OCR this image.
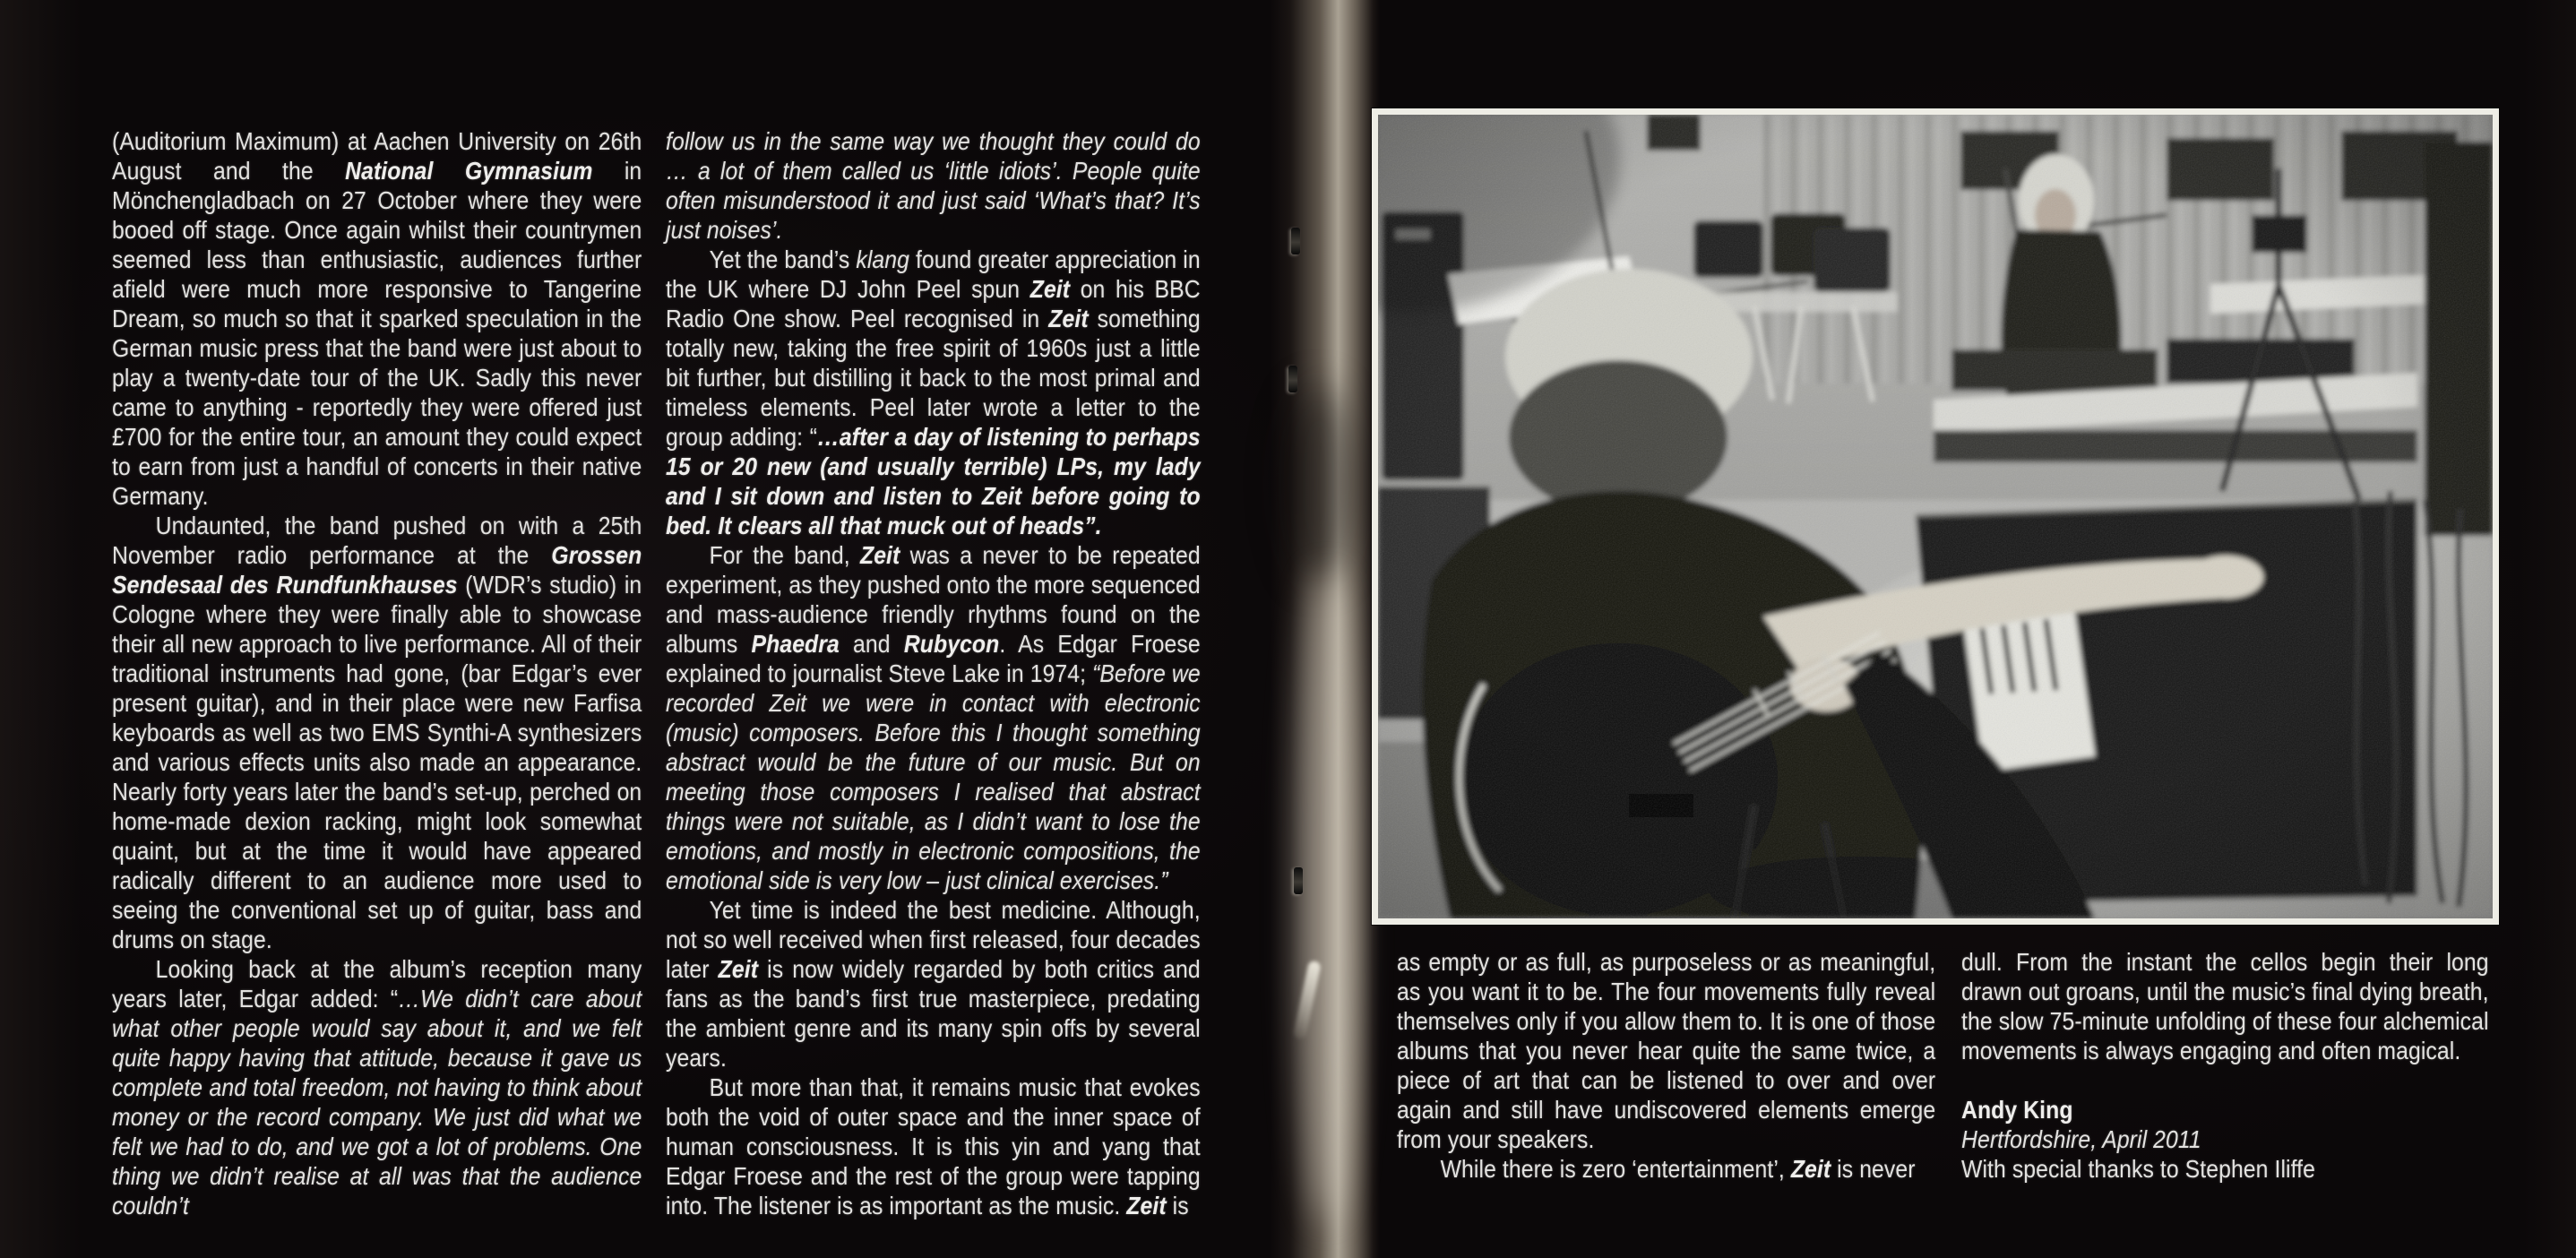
(Auditorium Maximum) at Aachen University on 26th August and the National Gymnasium in Mönchengladbach on 27 October where they were booed off stage. Once again whilst their countrymen seemed less than enthusiastic, audiences further afield were much more responsive to Tangerine Dream, so much so that it sparked speculation in the German music press that the band were just about to play a twenty-date tour of the UK. Sadly this never came to anything - reportedly they were offered just £700 for the entire tour, an amount they could expect to earn from just a handful of concerts in their native Germany.

Undaunted, the band pushed on with a 25th November radio performance at the Grossen Sendesaal des Rundfunkhauses (WDR’s studio) in Cologne where they were finally able to showcase their all new approach to live performance. All of their traditional instruments had gone, (bar Edgar’s ever present guitar), and in their place were new Farfisa keyboards as well as two EMS Synthi-A synthesizers and various effects units also made an appearance. Nearly forty years later the band’s set-up, perched on home-made dexion racking, might look somewhat quaint, but at the time it would have appeared radically different to an audience more used to seeing the conventional set up of guitar, bass and drums on stage.

Looking back at the album’s reception many years later, Edgar added: “…We didn’t care about what other people would say about it, and we felt quite happy having that attitude, because it gave us complete and total freedom, not having to think about money or the record company. We just did what we felt we had to do, and we got a lot of problems. One thing we didn’t realise at all was that the audience couldn’t

follow us in the same way we thought they could do … a lot of them called us ‘little idiots’. People quite often misunderstood it and just said ‘What’s that? It’s just noises’.

Yet the band’s klang found greater appreciation in the UK where DJ John Peel spun Zeit on his BBC Radio One show. Peel recognised in Zeit something totally new, taking the free spirit of 1960s just a little bit further, but distilling it back to the most primal and timeless elements. Peel later wrote a letter to the group adding: “…after a day of listening to perhaps 15 or 20 new (and usually terrible) LPs, my lady and I sit down and listen to Zeit before going to bed. It clears all that muck out of heads”.

For the band, Zeit was a never to be repeated experiment, as they pushed onto the more sequenced and mass-audience friendly rhythms found on the albums Phaedra and Rubycon. As Edgar Froese explained to journalist Steve Lake in 1974; “Before we recorded Zeit we were in contact with electronic (music) composers. Before this I thought something abstract would be the future of our music. But on meeting those composers I realised that abstract things were not suitable, as I didn’t want to lose the emotions, and mostly in electronic compositions, the emotional side is very low – just clinical exercises.”

Yet time is indeed the best medicine. Although, not so well received when first released, four decades later Zeit is now widely regarded by both critics and fans as the band’s first true masterpiece, predating the ambient genre and its many spin offs by several years.

But more than that, it remains music that evokes both the void of outer space and the inner space of human consciousness. It is this yin and yang that Edgar Froese and the rest of the group were tapping into. The listener is as important as the music. Zeit is

as empty or as full, as purposeless or as meaningful, as you want it to be. The four movements fully reveal themselves only if you allow them to. It is one of those albums that you never hear quite the same twice, a piece of art that can be listened to over and over again and still have undiscovered elements emerge from your speakers.

While there is zero ‘entertainment’, Zeit is never

dull. From the instant the cellos begin their long drawn out groans, until the music’s final dying breath, the slow 75-minute unfolding of these four alchemical movements is always engaging and often magical.

Andy King

Hertfordshire, April 2011

With special thanks to Stephen Iliffe
